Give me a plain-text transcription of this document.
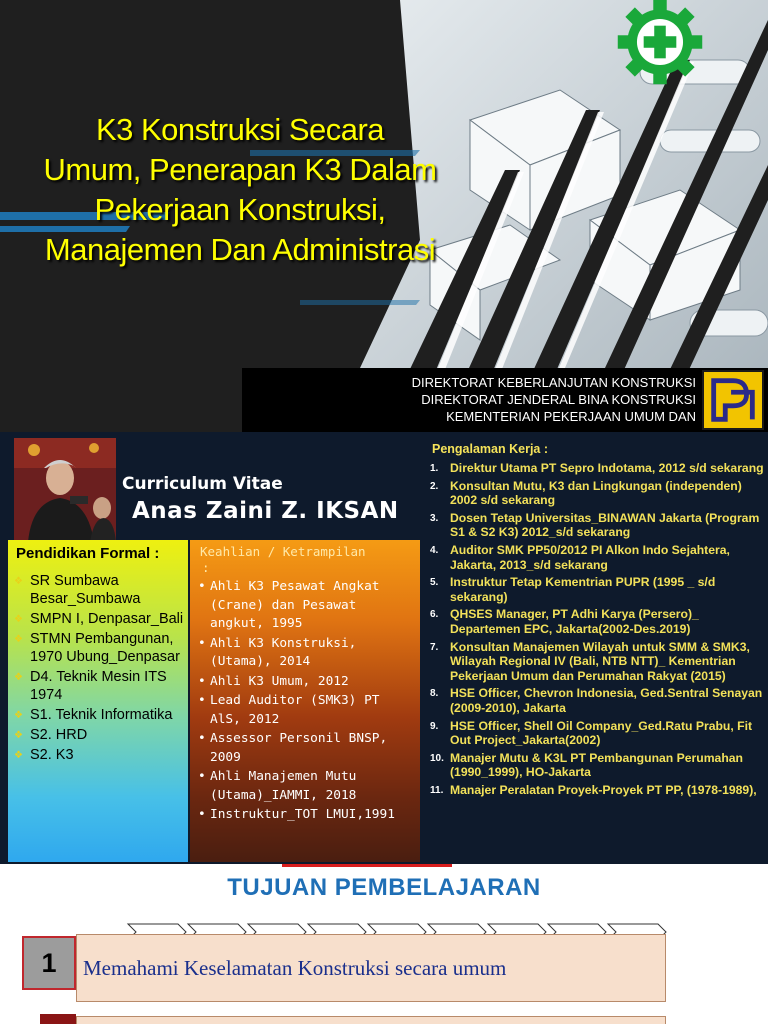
K3 Konstruksi Secara
Umum, Penerapan K3 Dalam
Pekerjaan Konstruksi,
Manajemen Dan Administrasi
DIREKTORAT KEBERLANJUTAN KONSTRUKSI
DIREKTORAT JENDERAL BINA KONSTRUKSI
KEMENTERIAN PEKERJAAN UMUM DAN
Curriculum Vitae
Anas Zaini Z. IKSAN
Pendidikan Formal :
❖ SR Sumbawa Besar_Sumbawa
❖ SMPN I, Denpasar_Bali
❖ STMN Pembangunan, 1970 Ubung_Denpasar
❖ D4. Teknik Mesin ITS 1974
❖ S1. Teknik Informatika
❖ S2. HRD
❖ S2. K3
Keahlian / Ketrampilan
:
• Ahli K3 Pesawat Angkat (Crane) dan Pesawat angkut, 1995
• Ahli K3 Konstruksi, (Utama), 2014
• Ahli K3 Umum, 2012
• Lead Auditor (SMK3) PT AlS, 2012
• Assessor Personil BNSP, 2009
• Ahli Manajemen Mutu (Utama)_IAMMI, 2018
• Instruktur_TOT LMUI,1991
Pengalaman Kerja :
1. Direktur Utama PT Sepro Indotama, 2012 s/d sekarang
2. Konsultan Mutu, K3 dan Lingkungan (independen) 2002 s/d sekarang
3. Dosen Tetap Universitas_BINAWAN Jakarta (Program S1 & S2 K3) 2012_s/d sekarang
4. Auditor SMK PP50/2012 PI Alkon Indo Sejahtera, Jakarta, 2013_s/d sekarang
5. Instruktur Tetap Kementrian PUPR (1995 _ s/d sekarang)
6. QHSES Manager, PT Adhi Karya (Persero)_ Departemen EPC, Jakarta(2002-Des.2019)
7. Konsultan Manajemen Wilayah untuk SMM & SMK3, Wilayah Regional IV (Bali, NTB NTT)_ Kementrian Pekerjaan Umum dan Perumahan Rakyat (2015)
8. HSE Officer, Chevron Indonesia, Ged.Sentral Senayan (2009-2010), Jakarta
9. HSE Officer, Shell Oil Company_Ged.Ratu Prabu, Fit Out Project_Jakarta(2002)
10. Manajer Mutu & K3L PT Pembangunan Perumahan (1990_1999), HO-Jakarta
11. Manajer Peralatan Proyek-Proyek PT PP, (1978-1989),
TUJUAN PEMBELAJARAN
1	Memahami Keselamatan Konstruksi secara umum
